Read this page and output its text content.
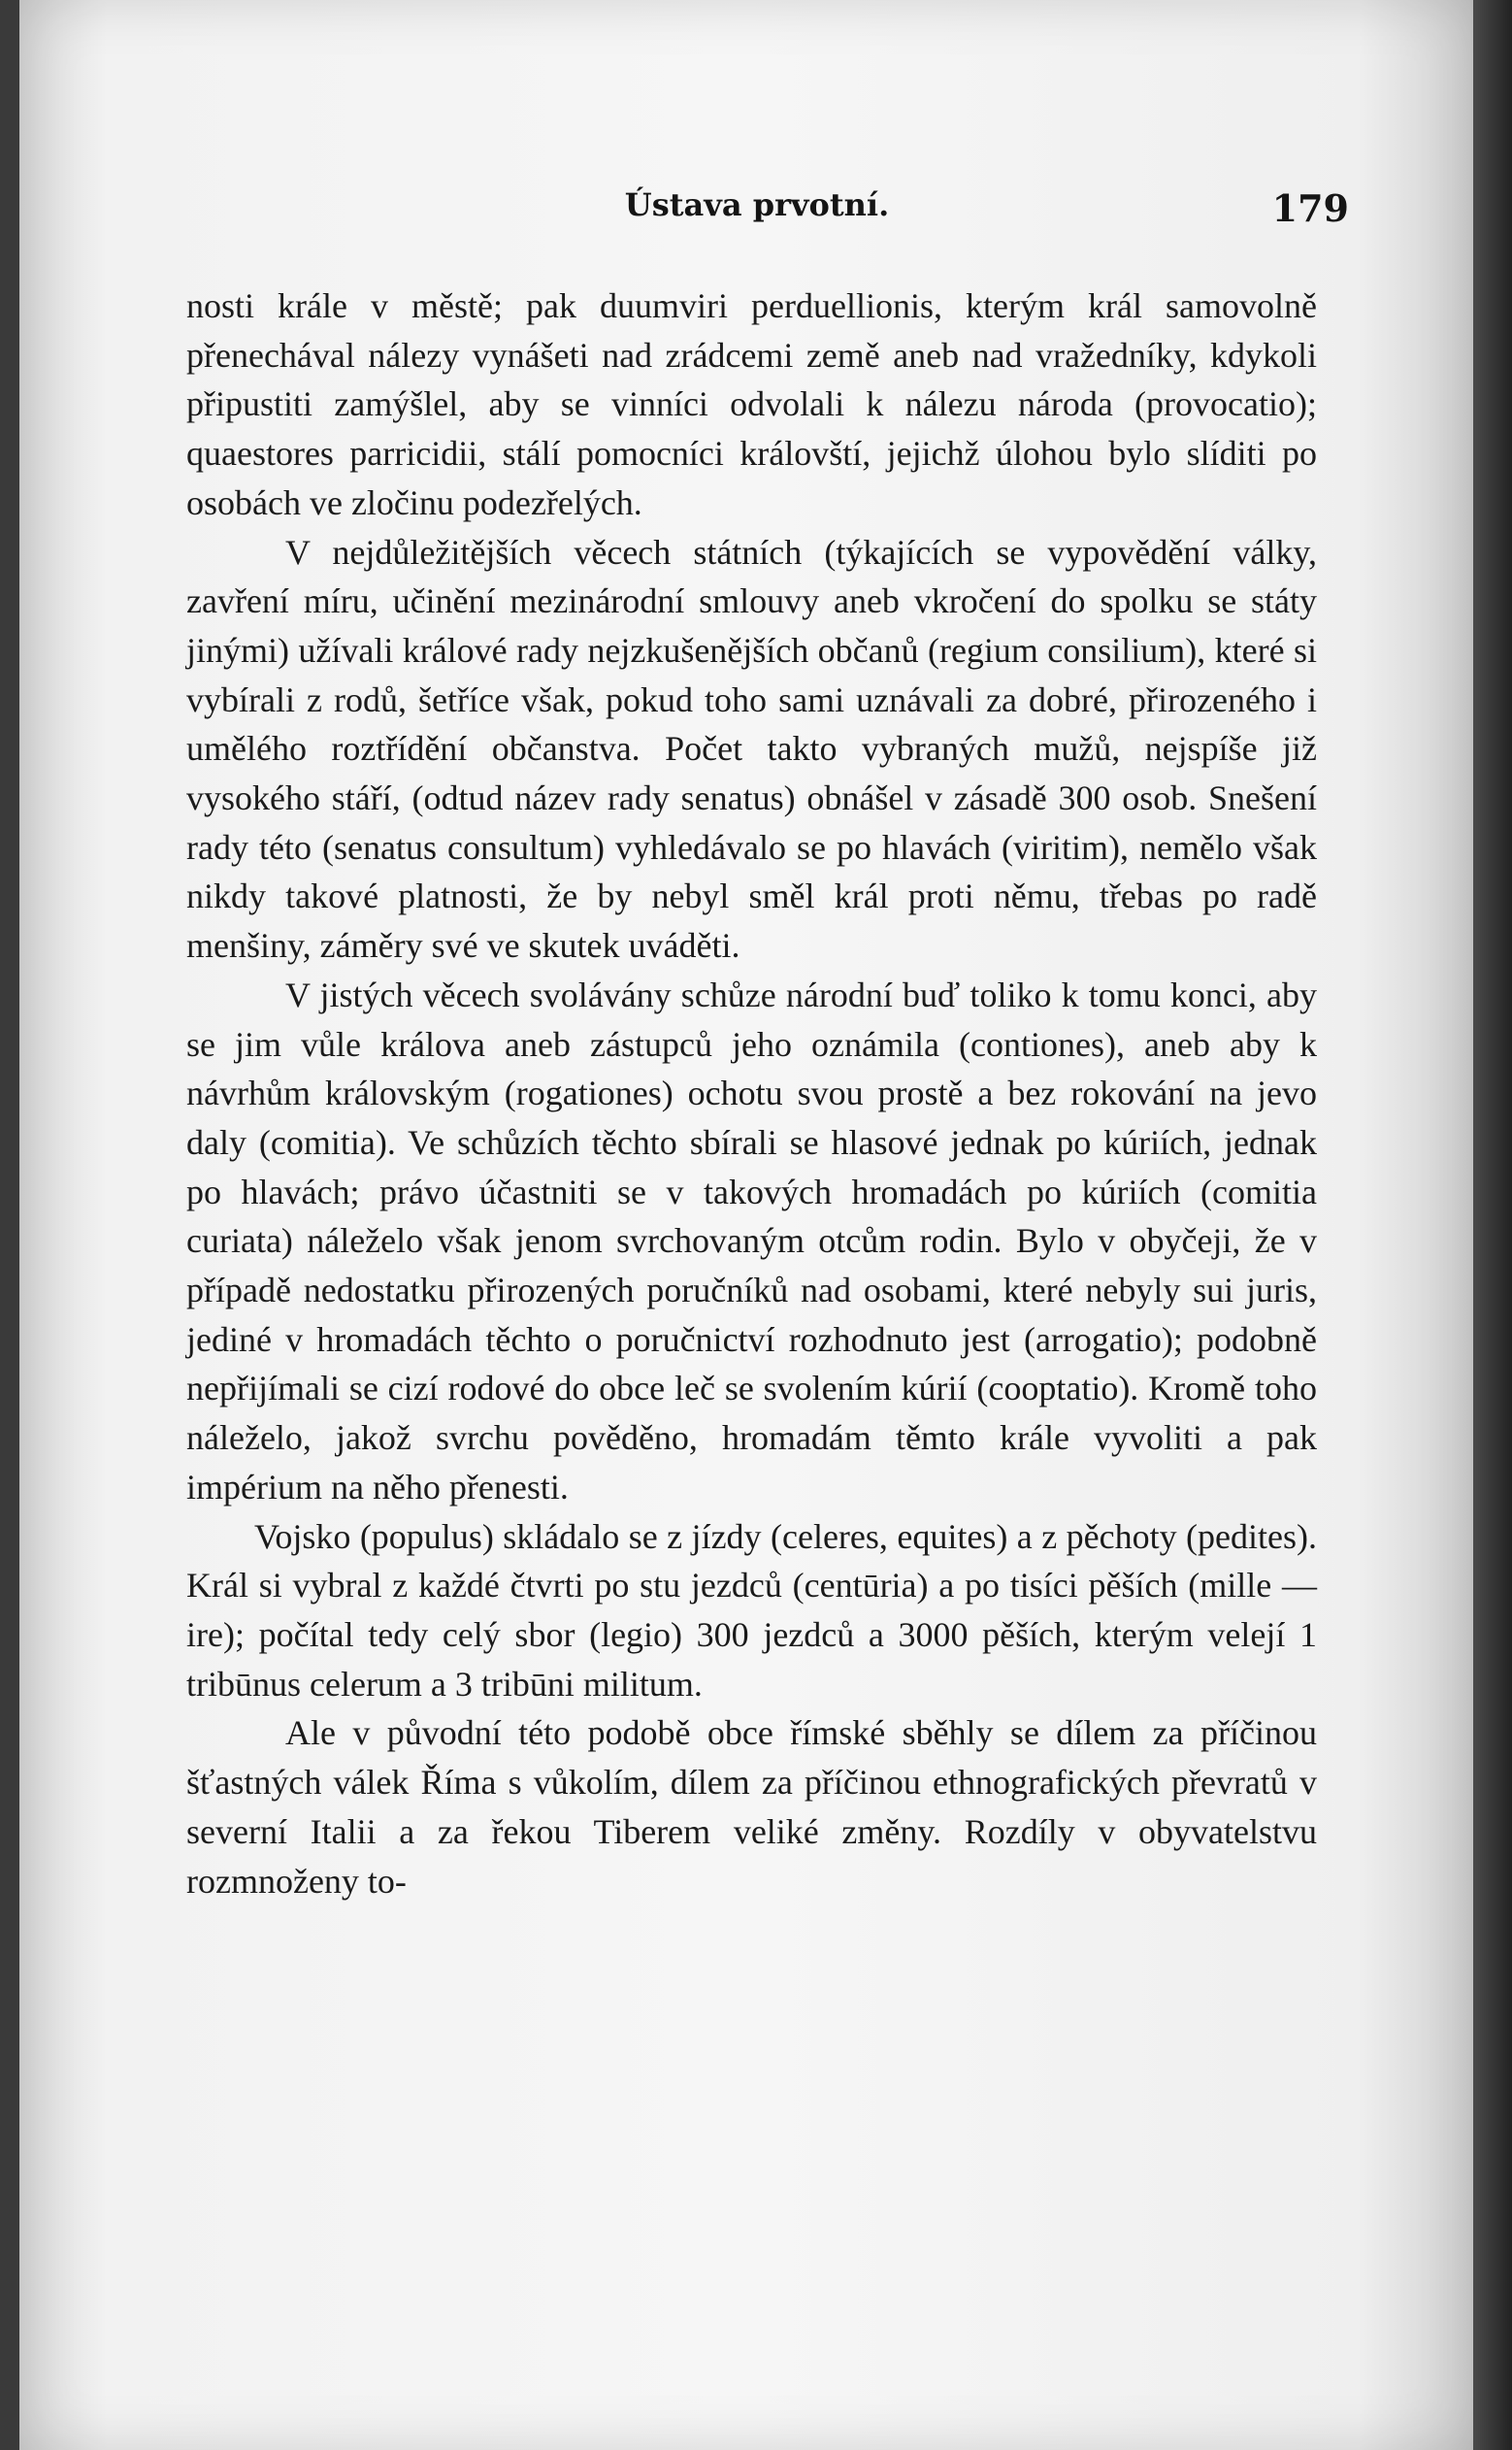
Ústava prvotní.	179

nosti krále v městě; pak duumviri perduellionis, kterým král samovolně přenechával nálezy vynášeti nad zrádcemi země aneb nad vražedníky, kdykoli připustiti zamýšlel, aby se vinníci odvolali k nálezu národa (provocatio); quaestores parricidii, stálí pomocníci královští, jejichž úlohou bylo slíditi po osobách ve zločinu podezřelých.

V nejdůležitějších věcech státních (týkajících se vypovědění války, zavření míru, učinění mezinárodní smlouvy aneb vkročení do spolku se státy jinými) užívali králové rady nejzkušenějších občanů (regium consilium), které si vybírali z rodů, šetříce však, pokud toho sami uznávali za dobré, přirozeného i umělého roztřídění občanstva. Počet takto vybraných mužů, nejspíše již vysokého stáří, (odtud název rady senatus) obnášel v zásadě 300 osob. Snešení rady této (senatus consultum) vyhledávalo se po hlavách (viritim), nemělo však nikdy takové platnosti, že by nebyl směl král proti němu, třebas po radě menšiny, záměry své ve skutek uváděti.

V jistých věcech svolávány schůze národní buď toliko k tomu konci, aby se jim vůle králova aneb zástupců jeho oznámila (contiones), aneb aby k návrhům královským (rogationes) ochotu svou prostě a bez rokování na jevo daly (comitia). Ve schůzích těchto sbírali se hlasové jednak po kúriích, jednak po hlavách; právo účastniti se v takových hromadách po kúriích (comitia curiata) náleželo však jenom svrchovaným otcům rodin. Bylo v obyčeji, že v případě nedostatku přirozených poručníků nad osobami, které nebyly sui juris, jediné v hromadách těchto o poručnictví rozhodnuto jest (arrogatio); podobně nepřijímali se cizí rodové do obce leč se svolením kúrií (cooptatio). Kromě toho náleželo, jakož svrchu pověděno, hromadám těmto krále vyvoliti a pak impérium na něho přenesti.

Vojsko (populus) skládalo se z jízdy (celeres, equites) a z pěchoty (pedites). Král si vybral z každé čtvrti po stu jezdců (centūria) a po tisíci pěších (mille — ire); počítal tedy celý sbor (legio) 300 jezdců a 3000 pěších, kterým velejí 1 tribūnus celerum a 3 tribūni militum.

Ale v původní této podobě obce římské sběhly se dílem za příčinou šťastných válek Říma s vůkolím, dílem za příčinou ethnografických převratů v severní Italii a za řekou Tiberem veliké změny. Rozdíly v obyvatelstvu rozmnoženy to-
